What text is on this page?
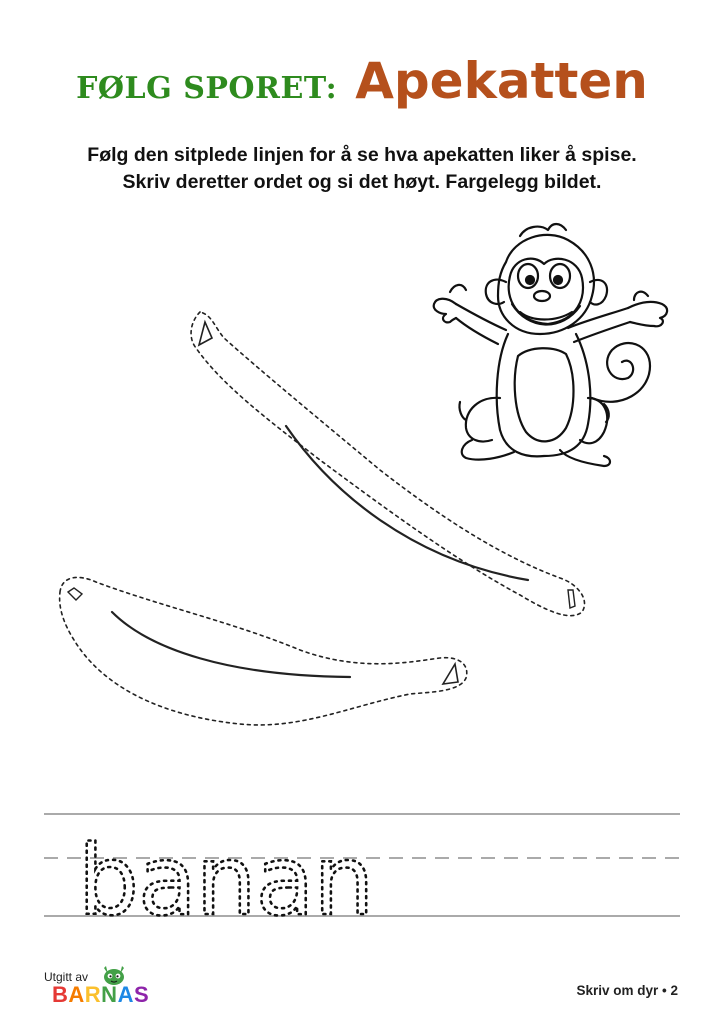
FØLG SPORET: Apekatten
Følg den sitplede linjen for å se hva apekatten liker å spise.
Skriv deretter ordet og si det høyt. Fargelegg bildet.
banan
Utgitt av
BARNAS	Skriv om dyr • 2
